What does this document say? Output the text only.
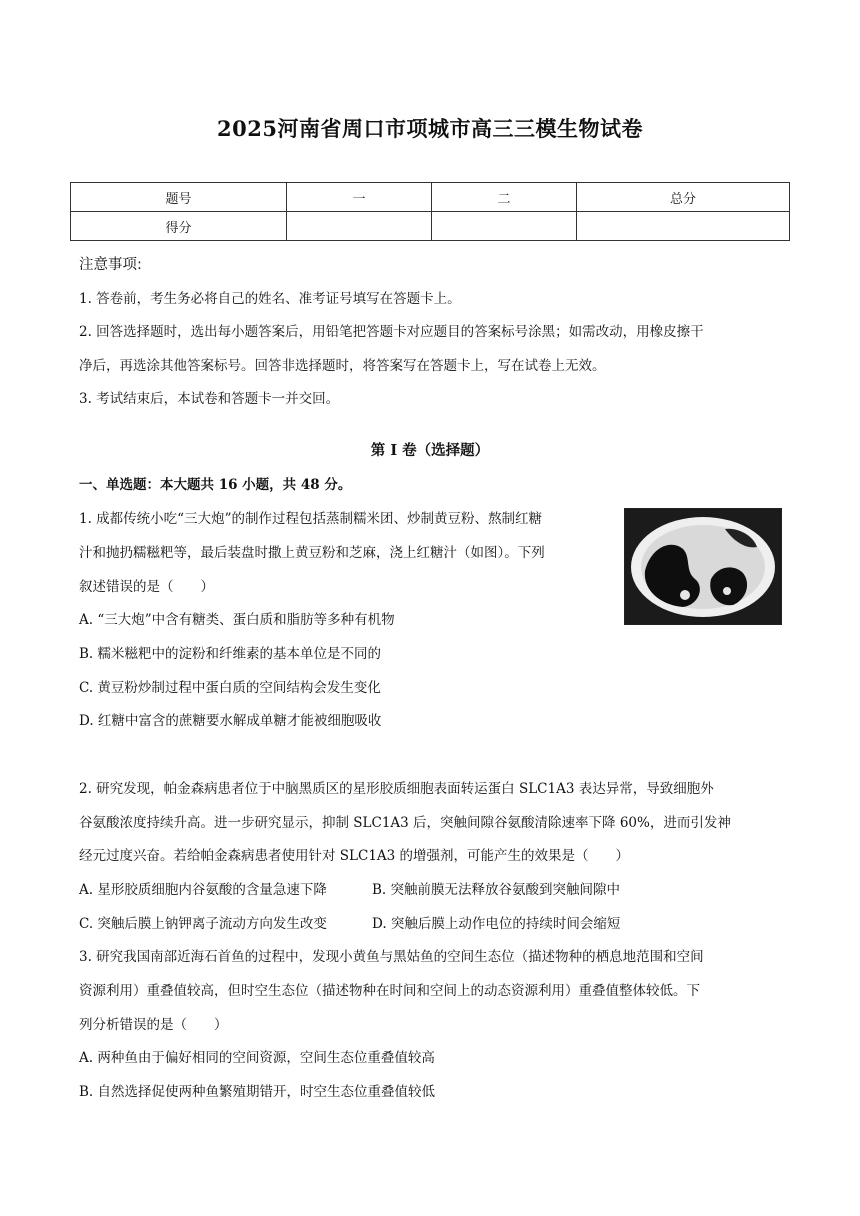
2025河南省周口市项城市高三三模生物试卷
题号	一	二	总分
得分			
注意事项:
1. 答卷前，考生务必将自己的姓名、准考证号填写在答题卡上。
2. 回答选择题时，选出每小题答案后，用铅笔把答题卡对应题目的答案标号涂黑；如需改动，用橡皮擦干
净后，再选涂其他答案标号。回答非选择题时，将答案写在答题卡上，写在试卷上无效。
3. 考试结束后，本试卷和答题卡一并交回。
第 I 卷（选择题）
一、单选题：本大题共 16 小题，共 48 分。
1. 成都传统小吃“三大炮”的制作过程包括蒸制糯米团、炒制黄豆粉、熬制红糖
汁和抛扔糯糍粑等，最后装盘时撒上黄豆粉和芝麻，浇上红糖汁（如图）。下列
叙述错误的是（　　）
A. “三大炮”中含有糖类、蛋白质和脂肪等多种有机物
B. 糯米糍粑中的淀粉和纤维素的基本单位是不同的
C. 黄豆粉炒制过程中蛋白质的空间结构会发生变化
D. 红糖中富含的蔗糖要水解成单糖才能被细胞吸收
2. 研究发现，帕金森病患者位于中脑黑质区的星形胶质细胞表面转运蛋白 SLC1A3 表达异常，导致细胞外
谷氨酸浓度持续升高。进一步研究显示，抑制 SLC1A3 后，突触间隙谷氨酸清除速率下降 60%，进而引发神
经元过度兴奋。若给帕金森病患者使用针对 SLC1A3 的增强剂，可能产生的效果是（　　）
A. 星形胶质细胞内谷氨酸的含量急速下降	B. 突触前膜无法释放谷氨酸到突触间隙中
C. 突触后膜上钠钾离子流动方向发生改变	D. 突触后膜上动作电位的持续时间会缩短
3. 研究我国南部近海石首鱼的过程中，发现小黄鱼与黑姑鱼的空间生态位（描述物种的栖息地范围和空间
资源利用）重叠值较高，但时空生态位（描述物种在时间和空间上的动态资源利用）重叠值整体较低。下
列分析错误的是（　　）
A. 两种鱼由于偏好相同的空间资源，空间生态位重叠值较高
B. 自然选择促使两种鱼繁殖期错开，时空生态位重叠值较低
